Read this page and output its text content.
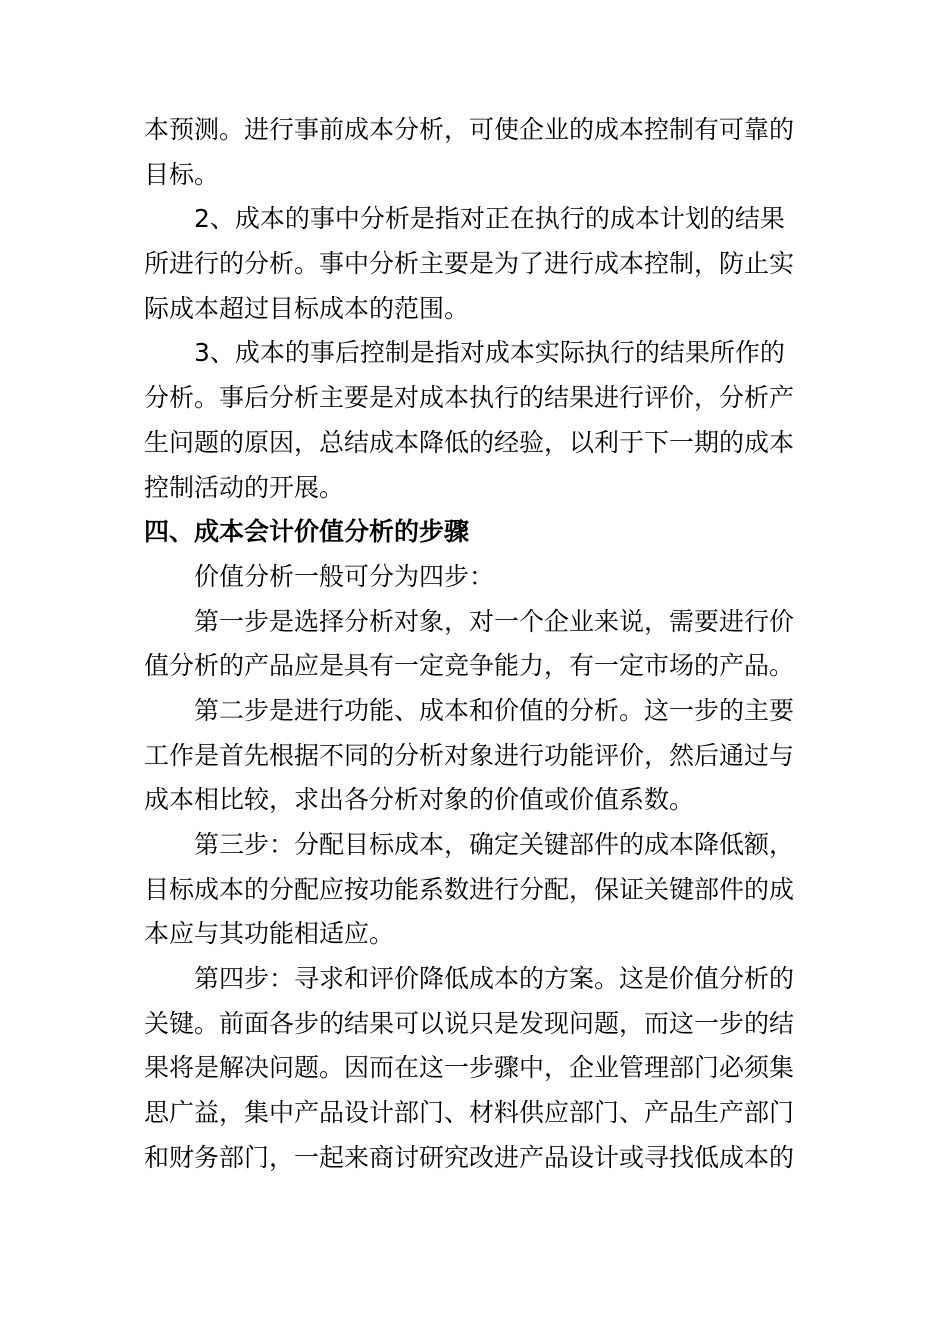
本预测。进行事前成本分析，可使企业的成本控制有可靠的
目标。
2、成本的事中分析是指对正在执行的成本计划的结果
所进行的分析。事中分析主要是为了进行成本控制，防止实
际成本超过目标成本的范围。
3、成本的事后控制是指对成本实际执行的结果所作的
分析。事后分析主要是对成本执行的结果进行评价，分析产
生问题的原因，总结成本降低的经验，以利于下一期的成本
控制活动的开展。
四、成本会计价值分析的步骤
价值分析一般可分为四步：
第一步是选择分析对象，对一个企业来说，需要进行价
值分析的产品应是具有一定竞争能力，有一定市场的产品。
第二步是进行功能、成本和价值的分析。这一步的主要
工作是首先根据不同的分析对象进行功能评价，然后通过与
成本相比较，求出各分析对象的价值或价值系数。
第三步：分配目标成本，确定关键部件的成本降低额，
目标成本的分配应按功能系数进行分配，保证关键部件的成
本应与其功能相适应。
第四步：寻求和评价降低成本的方案。这是价值分析的
关键。前面各步的结果可以说只是发现问题，而这一步的结
果将是解决问题。因而在这一步骤中，企业管理部门必须集
思广益，集中产品设计部门、材料供应部门、产品生产部门
和财务部门，一起来商讨研究改进产品设计或寻找低成本的
